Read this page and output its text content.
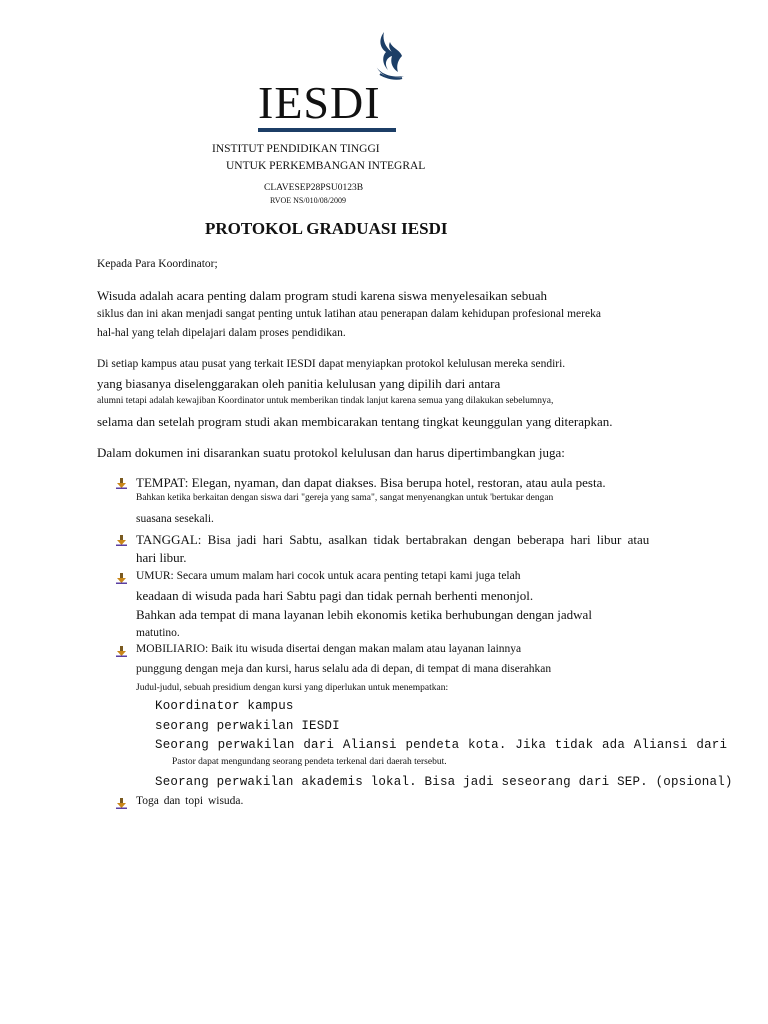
IESDI
INSTITUT PENDIDIKAN TINGGI
UNTUK PERKEMBANGAN INTEGRAL
CLAVESEP28PSU0123B
RVOE NS/010/08/2009
PROTOKOL GRADUASI IESDI
Kepada Para Koordinator;
Wisuda adalah acara penting dalam program studi karena siswa menyelesaikan sebuah
siklus dan ini akan menjadi sangat penting untuk latihan atau penerapan dalam kehidupan profesional mereka
hal-hal yang telah dipelajari dalam proses pendidikan.
Di setiap kampus atau pusat yang terkait IESDI dapat menyiapkan protokol kelulusan mereka sendiri.
yang biasanya diselenggarakan oleh panitia kelulusan yang dipilih dari antara
alumni tetapi adalah kewajiban Koordinator untuk memberikan tindak lanjut karena semua yang dilakukan sebelumnya,
selama dan setelah program studi akan membicarakan tentang tingkat keunggulan yang diterapkan.
Dalam dokumen ini disarankan suatu protokol kelulusan dan harus dipertimbangkan juga:
TEMPAT: Elegan, nyaman, dan dapat diakses. Bisa berupa hotel, restoran, atau aula pesta.
Bahkan ketika berkaitan dengan siswa dari "gereja yang sama", sangat menyenangkan untuk 'bertukar dengan
suasana sesekali.
TANGGAL: Bisa jadi hari Sabtu, asalkan tidak bertabrakan dengan beberapa hari libur atau
hari libur.
UMUR: Secara umum malam hari cocok untuk acara penting tetapi kami juga telah
keadaan di wisuda pada hari Sabtu pagi dan tidak pernah berhenti menonjol.
Bahkan ada tempat di mana layanan lebih ekonomis ketika berhubungan dengan jadwal
matutino.
MOBILIARIO: Baik itu wisuda disertai dengan makan malam atau layanan lainnya
punggung dengan meja dan kursi, harus selalu ada di depan, di tempat di mana diserahkan
Judul-judul, sebuah presidium dengan kursi yang diperlukan untuk menempatkan:
Koordinator kampus
seorang perwakilan IESDI
Seorang perwakilan dari Aliansi pendeta kota. Jika tidak ada Aliansi dari
Pastor dapat mengundang seorang pendeta terkenal dari daerah tersebut.
Seorang perwakilan akademis lokal. Bisa jadi seseorang dari SEP. (opsional)
Toga dan topi wisuda.
